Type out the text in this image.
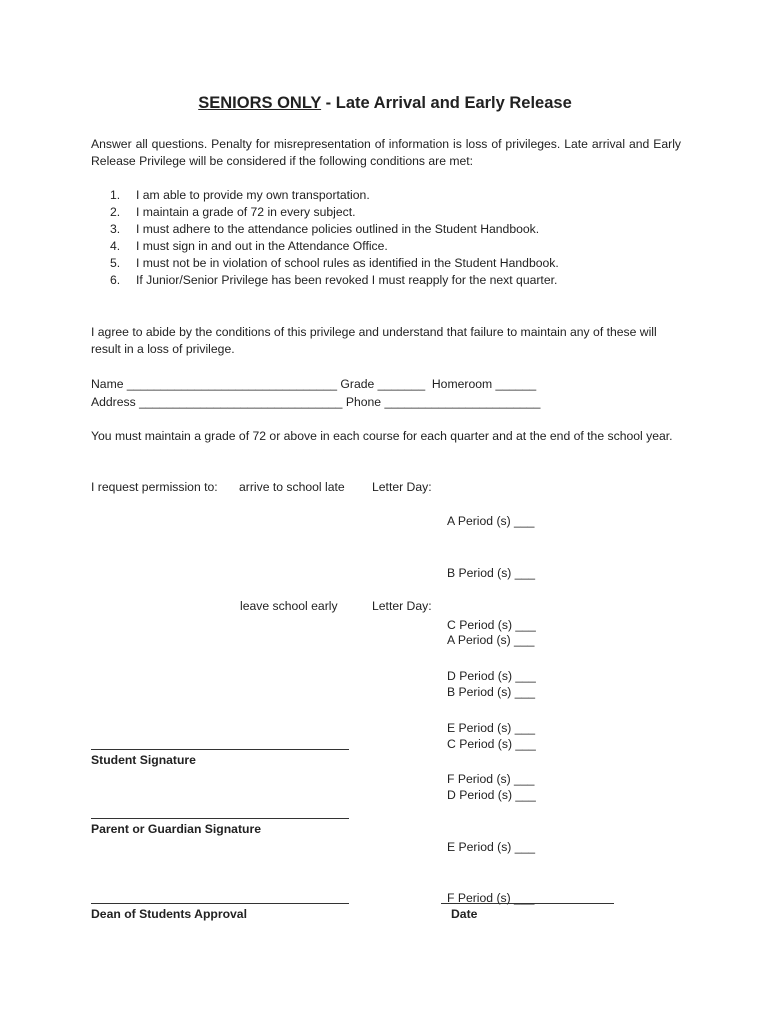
SENIORS ONLY - Late Arrival and Early Release
Answer all questions. Penalty for misrepresentation of information is loss of privileges. Late arrival and Early Release Privilege will be considered if the following conditions are met:
1.	I am able to provide my own transportation.
2.	I maintain a grade of 72 in every subject.
3.	I must adhere to the attendance policies outlined in the Student Handbook.
4.	I must sign in and out in the Attendance Office.
5.	I must not be in violation of school rules as identified in the Student Handbook.
6.	If Junior/Senior Privilege has been revoked I must reapply for the next quarter.
I agree to abide by the conditions of this privilege and understand that failure to maintain any of these will result in a loss of privilege.
Name _______________________________ Grade _______  Homeroom ______
Address ______________________________ Phone _______________________
You must maintain a grade of 72 or above in each course for each quarter and at the end of the school year.
I request permission to: arrive to school late Letter Day:

A Period (s) ___

B Period (s) ___

C Period (s) ___

D Period (s) ___

E Period (s) ___

F Period (s) ___

leave school early	Letter Day:

A Period (s) ___

B Period (s) ___

C Period (s) ___

D Period (s) ___

E Period (s) ___

F Period (s) ___

Student Signature
Parent or Guardian Signature
Dean of Students Approval	Date
